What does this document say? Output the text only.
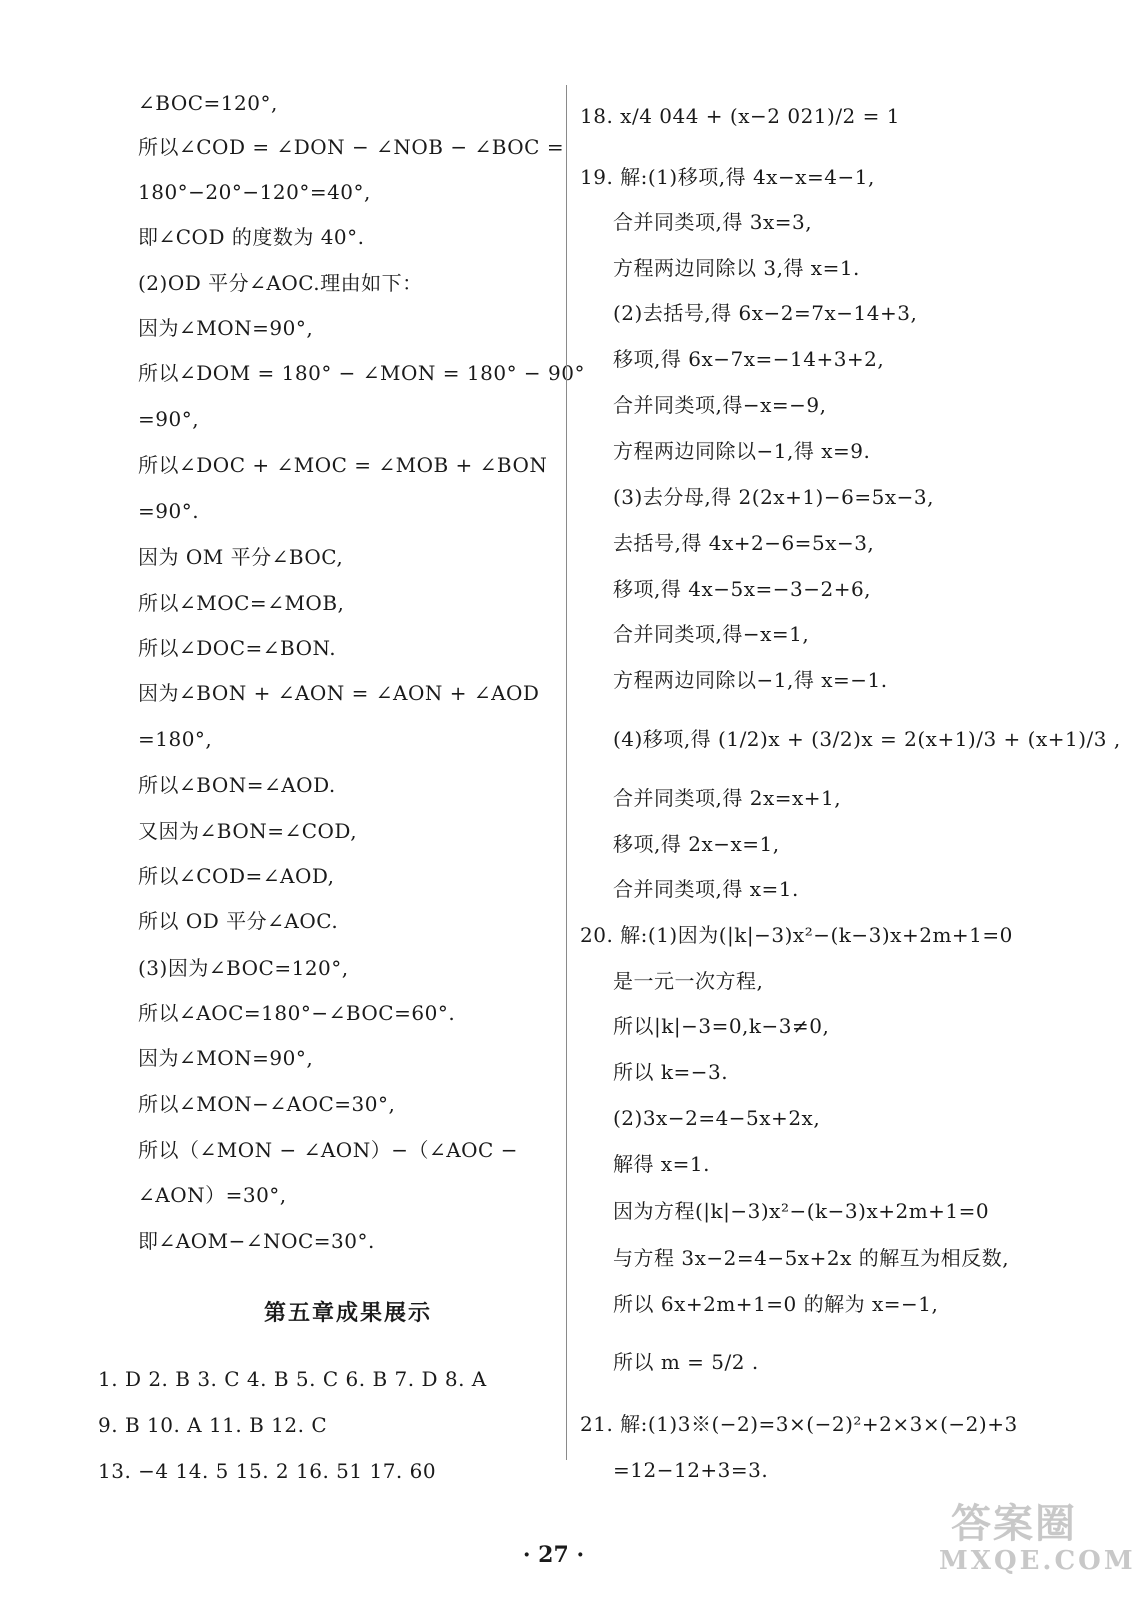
∠BOC=120°,
所以∠COD = ∠DON − ∠NOB − ∠BOC =
180°−20°−120°=40°,
即∠COD 的度数为 40°.
(2)OD 平分∠AOC.理由如下：
因为∠MON=90°,
所以∠DOM = 180° − ∠MON = 180° − 90°
=90°,
所以∠DOC + ∠MOC = ∠MOB + ∠BON
=90°.
因为 OM 平分∠BOC,
所以∠MOC=∠MOB,
所以∠DOC=∠BON.
因为∠BON + ∠AON = ∠AON + ∠AOD
=180°,
所以∠BON=∠AOD.
又因为∠BON=∠COD,
所以∠COD=∠AOD,
所以 OD 平分∠AOC.
(3)因为∠BOC=120°,
所以∠AOC=180°−∠BOC=60°.
因为∠MON=90°,
所以∠MON−∠AOC=30°,
所以（∠MON − ∠AON）−（∠AOC −
∠AON）=30°,
即∠AOM−∠NOC=30°.
第五章成果展示
1. D 2. B 3. C 4. B 5. C 6. B 7. D 8. A
9. B 10. A 11. B 12. C
13. −4 14. 5 15. 2 16. 51 17. 60
18. x/4 044 + (x−2 021)/2 = 1
19. 解:(1)移项,得 4x−x=4−1,
合并同类项,得 3x=3,
方程两边同除以 3,得 x=1.
(2)去括号,得 6x−2=7x−14+3,
移项,得 6x−7x=−14+3+2,
合并同类项,得−x=−9,
方程两边同除以−1,得 x=9.
(3)去分母,得 2(2x+1)−6=5x−3,
去括号,得 4x+2−6=5x−3,
移项,得 4x−5x=−3−2+6,
合并同类项,得−x=1,
方程两边同除以−1,得 x=−1.
(4)移项,得 (1/2)x + (3/2)x = 2(x+1)/3 + (x+1)/3 ,
合并同类项,得 2x=x+1,
移项,得 2x−x=1,
合并同类项,得 x=1.
20. 解:(1)因为(|k|−3)x²−(k−3)x+2m+1=0
是一元一次方程,
所以|k|−3=0,k−3≠0,
所以 k=−3.
(2)3x−2=4−5x+2x,
解得 x=1.
因为方程(|k|−3)x²−(k−3)x+2m+1=0
与方程 3x−2=4−5x+2x 的解互为相反数,
所以 6x+2m+1=0 的解为 x=−1,
所以 m = 5/2 .
21. 解:(1)3※(−2)=3×(−2)²+2×3×(−2)+3
=12−12+3=3.
· 27 ·
答案圈
MXQE.COM
